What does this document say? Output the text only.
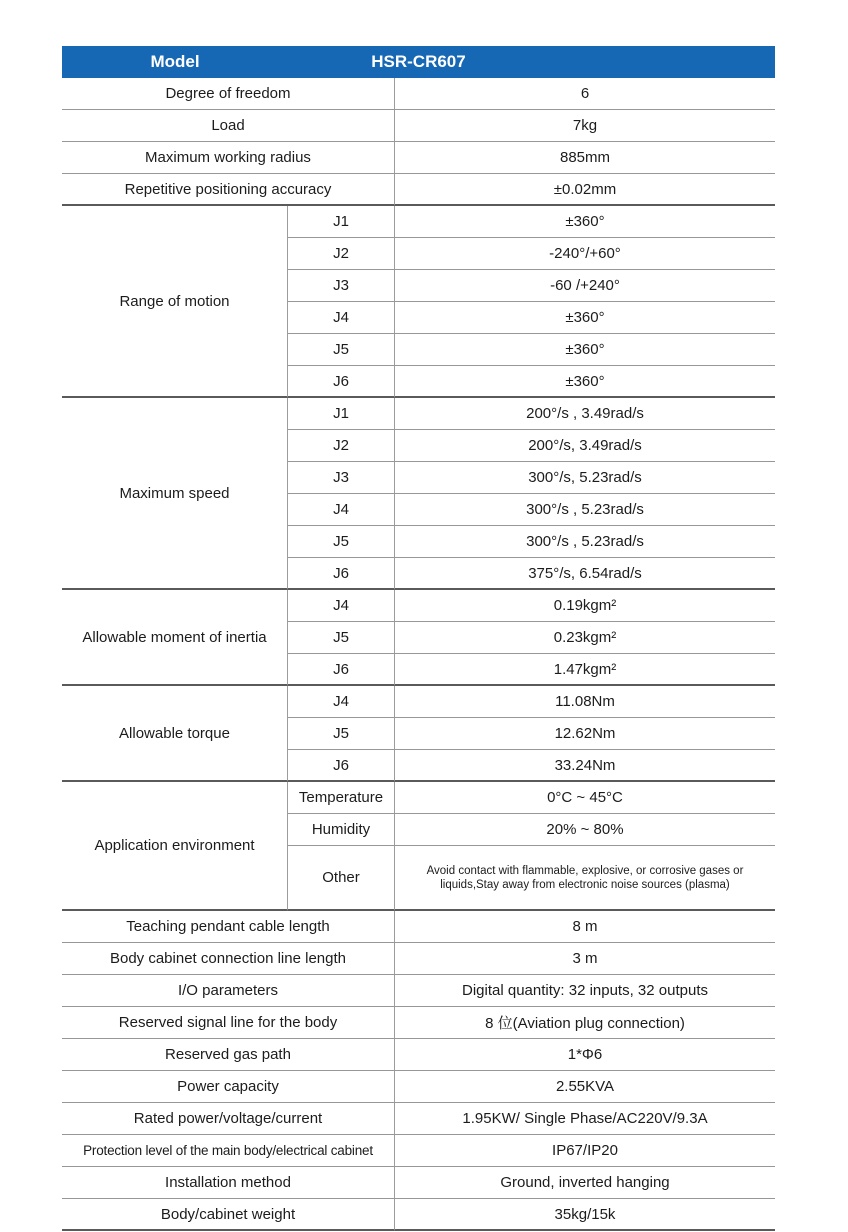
Model	HSR-CR607
Degree of freedom	6
Load	7kg
Maximum working radius	885mm
Repetitive positioning accuracy	±0.02mm
Range of motion
J1	±360°
J2	-240°/+60°
J3	-60 /+240°
J4	±360°
J5	±360°
J6	±360°
Maximum speed
J1	200°/s , 3.49rad/s
J2	200°/s, 3.49rad/s
J3	300°/s, 5.23rad/s
J4	300°/s , 5.23rad/s
J5	300°/s , 5.23rad/s
J6	375°/s, 6.54rad/s
Allowable moment of inertia
J4	0.19kgm²
J5	0.23kgm²
J6	1.47kgm²
Allowable torque
J4	11.08Nm
J5	12.62Nm
J6	33.24Nm
Application environment
Temperature	0°C ~ 45°C
Humidity	20% ~ 80%
Other	Avoid contact with flammable, explosive, or corrosive gases or liquids,Stay away from electronic noise sources (plasma)
Teaching pendant cable length	8 m
Body cabinet connection line length	3 m
I/O parameters	Digital quantity: 32 inputs, 32 outputs
Reserved signal line for the body	8 位(Aviation plug connection)
Reserved gas path	1*Φ6
Power capacity	2.55KVA
Rated power/voltage/current	1.95KW/ Single Phase/AC220V/9.3A
Protection level of the main body/electrical cabinet	IP67/IP20
Installation method	Ground, inverted hanging
Body/cabinet weight	35kg/15k
